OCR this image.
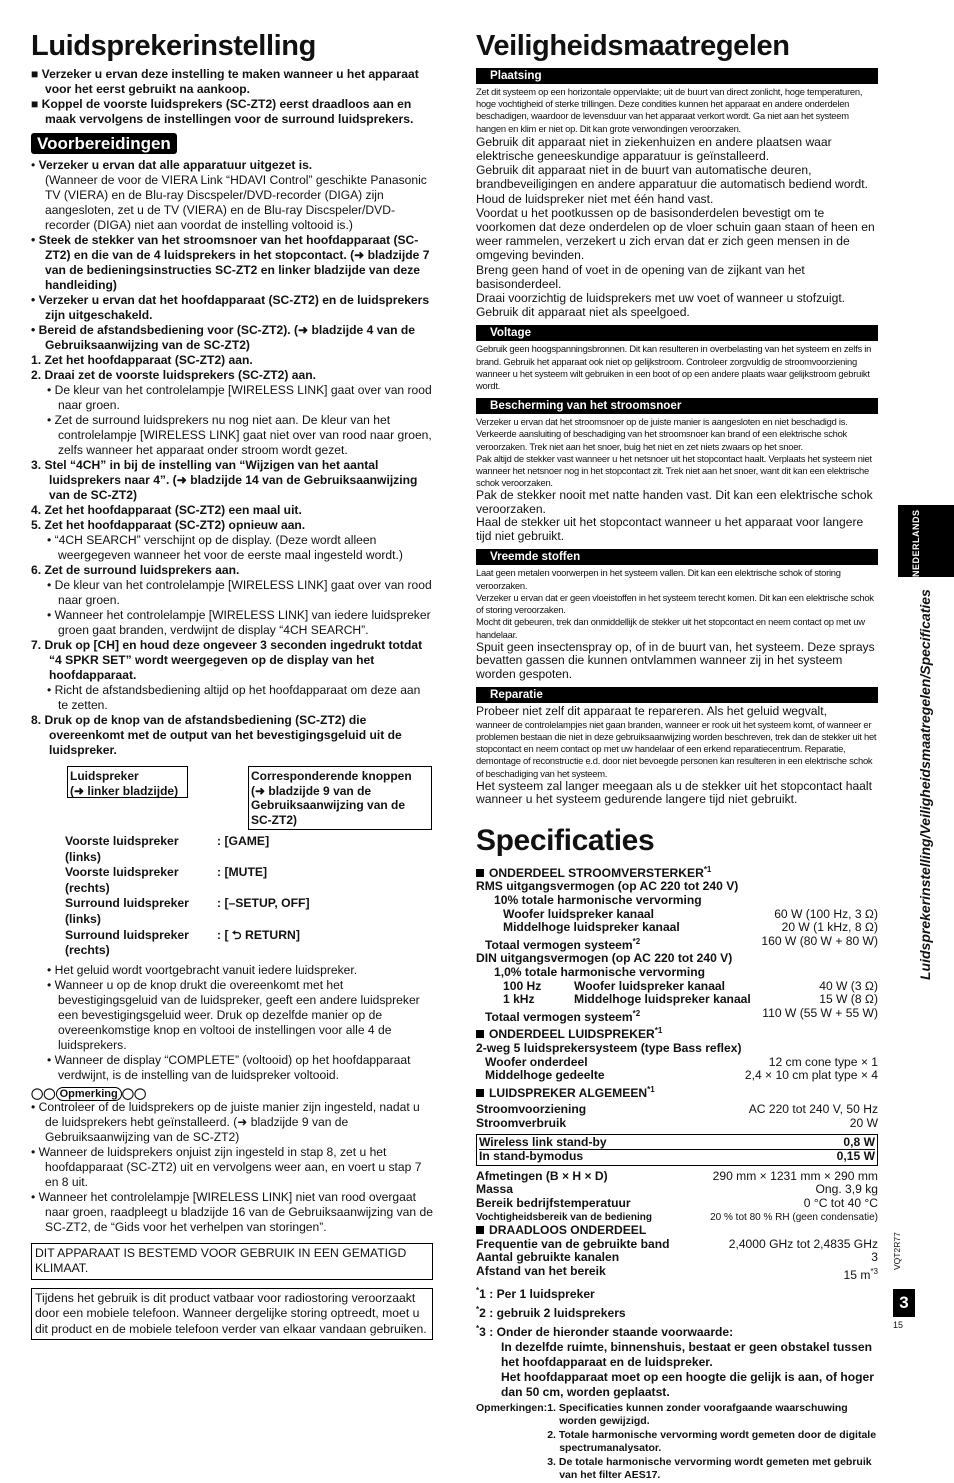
Luidsprekerinstelling
■ Verzeker u ervan deze instelling te maken wanneer u het apparaat voor het eerst gebruikt na aankoop.
■ Koppel de voorste luidsprekers (SC-ZT2) eerst draadloos aan en maak vervolgens de instellingen voor de surround luidsprekers.
Voorbereidingen
• Verzeker u ervan dat alle apparatuur uitgezet is.
(Wanneer de voor de VIERA Link “HDAVI Control” geschikte Panasonic TV (VIERA) en de Blu-ray Discspeler/DVD-recorder (DIGA) zijn aangesloten, zet u de TV (VIERA) en de Blu-ray Discspeler/DVD-recorder (DIGA) niet aan voordat de instelling voltooid is.)
• Steek de stekker van het stroomsnoer van het hoofdapparaat (SC-ZT2) en die van de 4 luidsprekers in het stopcontact. (➜ bladzijde 7 van de bedieningsinstructies SC-ZT2 en linker bladzijde van deze handleiding)
• Verzeker u ervan dat het hoofdapparaat (SC-ZT2) en de luidsprekers zijn uitgeschakeld.
• Bereid de afstandsbediening voor (SC-ZT2). (➜ bladzijde 4 van de Gebruiksaanwijzing van de SC-ZT2)
1. Zet het hoofdapparaat (SC-ZT2) aan.
2. Draai zet de voorste luidsprekers (SC-ZT2) aan.
• De kleur van het controlelampje [WIRELESS LINK] gaat over van rood naar groen.
• Zet de surround luidsprekers nu nog niet aan. De kleur van het controlelampje [WIRELESS LINK] gaat niet over van rood naar groen, zelfs wanneer het apparaat onder stroom wordt gezet.
3. Stel “4CH” in bij de instelling van “Wijzigen van het aantal luidsprekers naar 4”. (➜ bladzijde 14 van de Gebruiksaanwijzing van de SC-ZT2)
4. Zet het hoofdapparaat (SC-ZT2) een maal uit.
5. Zet het hoofdapparaat (SC-ZT2) opnieuw aan.
• “4CH SEARCH” verschijnt op de display. (Deze wordt alleen weergegeven wanneer het voor de eerste maal ingesteld wordt.)
6. Zet de surround luidsprekers aan.
• De kleur van het controlelampje [WIRELESS LINK] gaat over van rood naar groen.
• Wanneer het controlelampje [WIRELESS LINK] van iedere luidspreker groen gaat branden, verdwijnt de display “4CH SEARCH”.
7. Druk op [CH] en houd deze ongeveer 3 seconden ingedrukt totdat “4 SPKR SET” wordt weergegeven op de display van het hoofdapparaat.
• Richt de afstandsbediening altijd op het hoofdapparaat om deze aan te zetten.
8. Druk op de knop van de afstandsbediening (SC-ZT2) die overeenkomt met de output van het bevestigingsgeluid uit de luidspreker.
Luidspreker
(➜ linker bladzijde)
Corresponderende knoppen (➜ bladzijde 9 van de Gebruiksaanwijzing van de SC-ZT2)
Voorste luidspreker (links)
: [GAME]
Voorste luidspreker (rechts)
: [MUTE]
Surround luidspreker (links)
: [–SETUP, OFF]
Surround luidspreker (rechts)
: [ ⮌ RETURN]
• Het geluid wordt voortgebracht vanuit iedere luidspreker.
• Wanneer u op de knop drukt die overeenkomt met het bevestigingsgeluid van de luidspreker, geeft een andere luidspreker een bevestigingsgeluid weer. Druk op dezelfde manier op de overeenkomstige knop en voltooi de instellingen voor alle 4 de luidsprekers.
• Wanneer de display “COMPLETE” (voltooid) op het hoofdapparaat verdwijnt, is de instelling van de luidspreker voltooid.
◯◯ Opmerking ◯◯
• Controleer of de luidsprekers op de juiste manier zijn ingesteld, nadat u de luidsprekers hebt geïnstalleerd. (➜ bladzijde 9 van de Gebruiksaanwijzing van de SC-ZT2)
• Wanneer de luidsprekers onjuist zijn ingesteld in stap 8, zet u het hoofdapparaat (SC-ZT2) uit en vervolgens weer aan, en voert u stap 7 en 8 uit.
• Wanneer het controlelampje [WIRELESS LINK] niet van rood overgaat naar groen, raadpleegt u bladzijde 16 van de Gebruiksaanwijzing van de SC-ZT2, de “Gids voor het verhelpen van storingen”.
DIT APPARAAT IS BESTEMD VOOR GEBRUIK IN EEN GEMATIGD KLIMAAT.
Tijdens het gebruik is dit product vatbaar voor radiostoring veroorzaakt door een mobiele telefoon. Wanneer dergelijke storing optreedt, moet u dit product en de mobiele telefoon verder van elkaar vandaan gebruiken.
Veiligheidsmaatregelen
Plaatsing
Zet dit systeem op een horizontale oppervlakte; uit de buurt van direct zonlicht, hoge temperaturen, hoge vochtigheid of sterke trillingen. Deze condities kunnen het apparaat en andere onderdelen beschadigen, waardoor de levensduur van het apparaat verkort wordt. Ga niet aan het systeem hangen en klim er niet op. Dit kan grote verwondingen veroorzaken.
Gebruik dit apparaat niet in ziekenhuizen en andere plaatsen waar elektrische geneeskundige apparatuur is geïnstalleerd.
Gebruik dit apparaat niet in de buurt van automatische deuren, brandbeveiligingen en andere apparatuur die automatisch bediend wordt.
Houd de luidspreker niet met één hand vast.
Voordat u het pootkussen op de basisonderdelen bevestigt om te voorkomen dat deze onderdelen op de vloer schuin gaan staan of heen en weer rammelen, verzekert u zich ervan dat er zich geen mensen in de omgeving bevinden.
Breng geen hand of voet in de opening van de zijkant van het basisonderdeel.
Draai voorzichtig de luidsprekers met uw voet of wanneer u stofzuigt.
Gebruik dit apparaat niet als speelgoed.
Voltage
Gebruik geen hoogspanningsbronnen. Dit kan resulteren in overbelasting van het systeem en zelfs in brand. Gebruik het apparaat ook niet op gelijkstroom. Controleer zorgvuldig de stroomvoorziening wanneer u het systeem wilt gebruiken in een boot of op een andere plaats waar gelijkstroom gebruikt wordt.
Bescherming van het stroomsnoer
Verzeker u ervan dat het stroomsnoer op de juiste manier is aangesloten en niet beschadigd is. Verkeerde aansluiting of beschadiging van het stroomsnoer kan brand of een elektrische schok veroorzaken. Trek niet aan het snoer, buig het niet en zet niets zwaars op het snoer.
Pak altijd de stekker vast wanneer u het netsnoer uit het stopcontact haalt. Verplaats het systeem niet wanneer het netsnoer nog in het stopcontact zit. Trek niet aan het snoer, want dit kan een elektrische schok veroorzaken.
Pak de stekker nooit met natte handen vast. Dit kan een elektrische schok veroorzaken.
Haal de stekker uit het stopcontact wanneer u het apparaat voor langere tijd niet gebruikt.
Vreemde stoffen
Laat geen metalen voorwerpen in het systeem vallen. Dit kan een elektrische schok of storing veroorzaken.
Verzeker u ervan dat er geen vloeistoffen in het systeem terecht komen. Dit kan een elektrische schok of storing veroorzaken.
Mocht dit gebeuren, trek dan onmiddellijk de stekker uit het stopcontact en neem contact op met uw handelaar.
Spuit geen insectenspray op, of in de buurt van, het systeem. Deze sprays bevatten gassen die kunnen ontvlammen wanneer zij in het systeem worden gespoten.
Reparatie
Probeer niet zelf dit apparaat te repareren. Als het geluid wegvalt,
wanneer de controlelampjes niet gaan branden, wanneer er rook uit het systeem komt, of wanneer er problemen bestaan die niet in deze gebruiksaanwijzing worden beschreven, trek dan de stekker uit het stopcontact en neem contact op met uw handelaar of een erkend reparatiecentrum. Reparatie, demontage of reconstructie e.d. door niet bevoegde personen kan resulteren in een elektrische schok of beschadiging van het systeem.
Het systeem zal langer meegaan als u de stekker uit het stopcontact haalt wanneer u het systeem gedurende langere tijd niet gebruikt.
Specificaties
ONDERDEEL STROOMVERSTERKER$^{*1}$
RMS uitgangsvermogen (op AC 220 tot 240 V)
10% totale harmonische vervorming
Woofer luidspreker kanaal	60 W (100 Hz, 3 Ω)
Middelhoge luidspreker kanaal	20 W (1 kHz, 8 Ω)
Totaal vermogen systeem$^{*2}$	160 W (80 W + 80 W)
DIN uitgangsvermogen (op AC 220 tot 240 V)
1,0% totale harmonische vervorming
100 Hz	Woofer luidspreker kanaal	40 W (3 Ω)
1 kHz	Middelhoge luidspreker kanaal	15 W (8 Ω)
Totaal vermogen systeem$^{*2}$	110 W (55 W + 55 W)
ONDERDEEL LUIDSPREKER$^{*1}$
2-weg 5 luidsprekersysteem (type Bass reflex)
Woofer onderdeel	12 cm cone type × 1
Middelhoge gedeelte	2,4 × 10 cm plat type × 4
LUIDSPREKER ALGEMEEN$^{*1}$
Stroomvoorziening	AC 220 tot 240 V, 50 Hz
Stroomverbruik	20 W
Wireless link stand-by	0,8 W
In stand-bymodus	0,15 W
Afmetingen (B × H × D)	290 mm × 1231 mm × 290 mm
Massa	Ong. 3,9 kg
Bereik bedrijfstemperatuur	0 °C tot 40 °C
Vochtigheidsbereik van de bediening	20 % tot 80 % RH (geen condensatie)
DRAADLOOS ONDERDEEL
Frequentie van de gebruikte band	2,4000 GHz tot 2,4835 GHz
Aantal gebruikte kanalen	3
Afstand van het bereik	15 $m^{*3}$
*1 : Per 1 luidspreker
*2 : gebruik 2 luidsprekers
*3 : Onder de hieronder staande voorwaarde:
In dezelfde ruimte, binnenshuis, bestaat er geen obstakel tussen het hoofdapparaat en de luidspreker.
Het hoofdapparaat moet op een hoogte die gelijk is aan, of hoger dan 50 cm, worden geplaatst.
Opmerkingen: 1. Specificaties kunnen zonder voorafgaande waarschuwing worden gewijzigd.
2. Totale harmonische vervorming wordt gemeten door de digitale spectrumanalysator.
3. De totale harmonische vervorming wordt gemeten met gebruik van het filter AES17.
NEDERLANDS
Luidsprekerinstelling/Veiligheidsmaatregelen/Specificaties
VQT2R77
3
15
